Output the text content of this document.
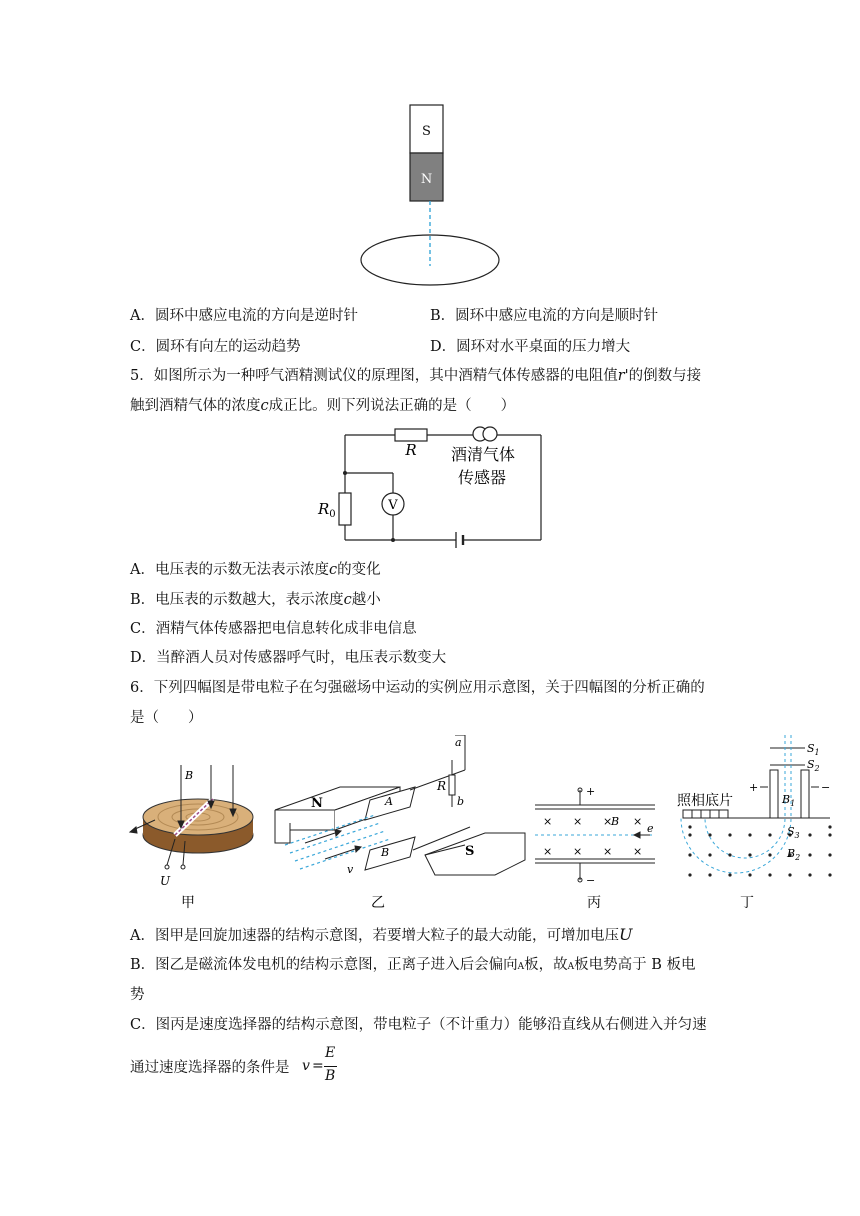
S
N
A．圆环中感应电流的方向是逆时针	B．圆环中感应电流的方向是顺时针
C．圆环有向左的运动趋势	D．圆环对水平桌面的压力增大
5．如图所示为一种呼气酒精测试仪的原理图，其中酒精气体传感器的电阻值r'的倒数与接
触到酒精气体的浓度c成正比。则下列说法正确的是（　　）
V
R
$R_0$
酒清气体
传感器
A．电压表的示数无法表示浓度c的变化
B．电压表的示数越大，表示浓度c越小
C．酒精气体传感器把电信息转化成非电信息
D．当醉酒人员对传感器呼气时，电压表示数变大
6．下列四幅图是带电粒子在匀强磁场中运动的实例应用示意图，关于四幅图的分析正确的
是（　　）
B
U
甲
N
S
A
B
R
a
b
v
乙
+
−
× × × ×
× × × ×
B
e
丙
照相底片
+	−
$S_1$
$S_2$
$S_3$
$B_1$
$B_2$
丁
A．图甲是回旋加速器的结构示意图，若要增大粒子的最大动能，可增加电压U
B．图乙是磁流体发电机的结构示意图，正离子进入后会偏向A板，故A板电势高于 B 板电
势
C．图丙是速度选择器的结构示意图，带电粒子（不计重力）能够沿直线从右侧进入并匀速
通过速度选择器的条件是 v =
E
B
